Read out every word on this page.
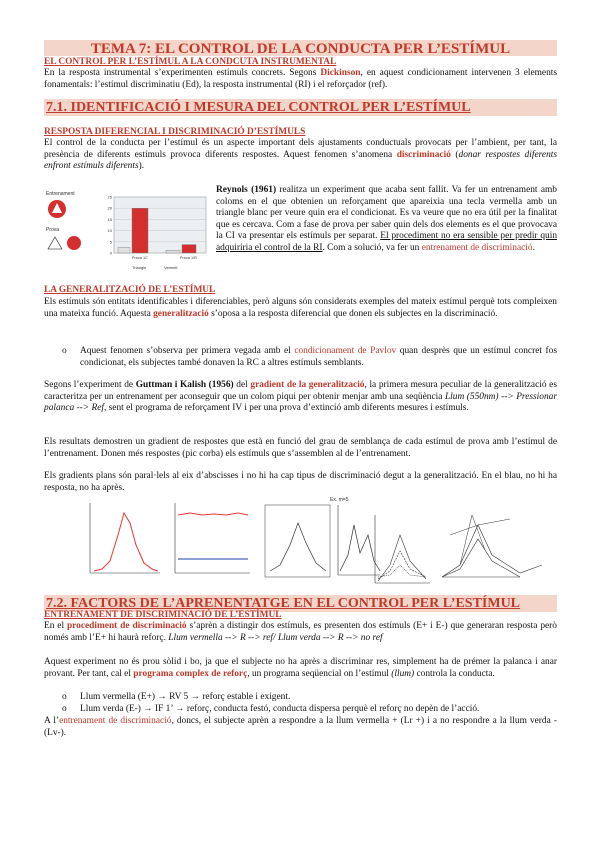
TEMA 7: EL CONTROL DE LA CONDUCTA PER L’ESTÍMUL
EL CONTROL PER L’ESTÍMUL A LA CONDCUTA INSTRUMENTAL
En la resposta instrumental s’experimenten estímuls concrets. Segons Dickinson, en aquest condicionament intervenen 3 elements fonamentals: l’estímul discriminatiu (Ed), la resposta instrumental (RI) i el reforçador (ref).
7.1. IDENTIFICACIÓ I MESURA DEL CONTROL PER L’ESTÍMUL
RESPOSTA DIFERENCIAL I DISCRIMINACIÓ D’ESTÍMULS
El control de la conducta per l’estímul és un aspecte important dels ajustaments conductuals provocats per l’ambient, per tant, la presència de diferents estímuls provoca diferents respostes. Aquest fenomen s’anomena discriminació (donar respostes diferents enfront estímuls diferents).
Entrenament
Prova
0
5
10
15
20
25
Prova 1C	Prova 1/R
Triangle	Vermell
Reynols (1961) realitza un experiment que acaba sent fallit. Va fer un entrenament amb coloms en el que obtenien un reforçament que apareixia una tecla vermella amb un triangle blanc per veure quin era el condicionat. Es va veure que no era útil per la finalitat que es cercava. Com a fase de prova per saber quin dels dos elements es el que provocava la CI va presentar els estímuls per separat. El procediment no era sensible per predir quin adquiriria el control de la RI. Com a solució, va fer un entrenament de discriminació.
LA GENERALITZACIÓ DE L’ESTÍMUL
Els estímuls són entitats identificables i diferenciables, però alguns són considerats exemples del mateix estímul perquè tots compleixen una mateixa funció. Aquesta generalització s’oposa a la resposta diferencial que donen els subjectes en la discriminació.
o Aquest fenomen s’observa per primera vegada amb el condicionament de Pavlov quan desprès que un estímul concret fos condicionat, els subjectes també donaven la RC a altres estímuls semblants.
Segons l’experiment de Guttman i Kalish (1956) del gradient de la generalització, la primera mesura peculiar de la generalització es caracteritza per un entrenament per aconseguir que un colom piqui per obtenir menjar amb una seqüència Llum (550nm) --> Pressionar palanca --> Ref, sent el programa de reforçament IV i per una prova d’extinció amb diferents mesures i estímuls.
Els resultats demostren un gradient de respostes que està en funció del grau de semblança de cada estímul de prova amb l’estímul de l’entrenament. Donen més respostes (pic corba) els estímuls que s’assemblen al de l’entrenament.
Els gradients plans són paral·lels al eix d’abscisses i no hi ha cap tipus de discriminació degut a la generalització. En el blau, no hi ha resposta, no ha après.
Ex. m=5
7.2. FACTORS DE L’APRENENTATGE EN EL CONTROL PER L’ESTÍMUL
ENTRENAMENT DE DISCRIMINACIÓ DE L’ESTÍMUL
En el procediment de discriminació s’aprèn a distingir dos estímuls, es presenten dos estímuls (E+ i E-) que generaran resposta però només amb l’E+ hi haurà reforç. Llum vermella --> R --> ref/ Llum verda --> R --> no ref
Aquest experiment no és prou sòlid i bo, ja que el subjecte no ha après a discriminar res, simplement ha de prémer la palanca i anar provant. Per tant, cal el programa complex de reforç, un programa seqüencial on l’estímul (llum) controla la conducta.
o Llum vermella (E+) → RV 5 → reforç estable i exigent.
o Llum verda (E-) → IF 1’ → reforç, conducta festó, conducta dispersa perquè el reforç no depèn de l’acció.
A l’entrenament de discriminació, doncs, el subjecte aprèn a respondre a la llum vermella + (Lr +) i a no respondre a la llum verda - (Lv-).
